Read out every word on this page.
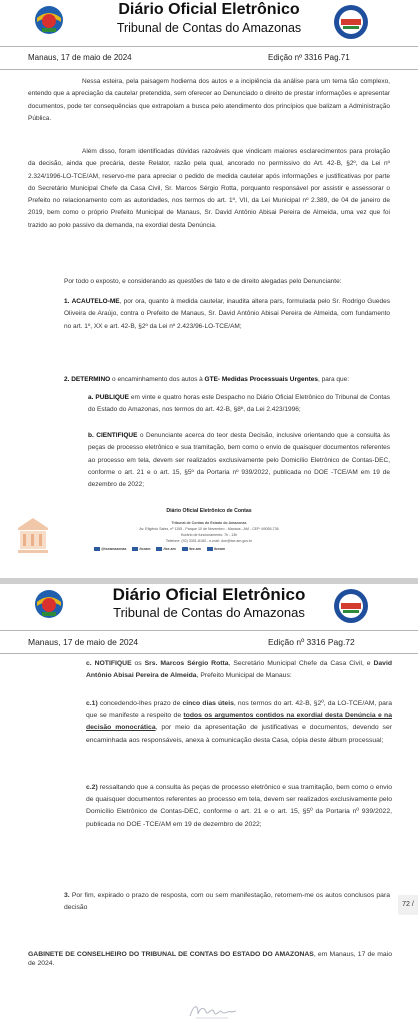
Diário Oficial Eletrônico
Tribunal de Contas do Amazonas
Manaus, 17 de maio de 2024	Edição nº 3316 Pag.71
Nessa esteira, pela paisagem hodierna dos autos e a incipiência da análise para um tema tão complexo, entendo que a apreciação da cautelar pretendida, sem oferecer ao Denunciado o direito de prestar informações e apresentar documentos, pode ter consequências que extrapolam a busca pelo atendimento dos princípios que balizam a Administração Pública.
Além disso, foram identificadas dúvidas razoáveis que vindicam maiores esclarecimentos para prolação da decisão, ainda que precária, deste Relator, razão pela qual, ancorado no permissivo do Art. 42-B, §2º, da Lei nº 2.324/1996-LO-TCE/AM, reservo-me para apreciar o pedido de medida cautelar após informações e justificativas por parte do Secretário Municipal Chefe da Casa Civil, Sr. Marcos Sérgio Rotta, porquanto responsável por assistir e assessorar o Prefeito no relacionamento com as autoridades, nos termos do art. 1º, VII, da Lei Municipal nº 2.389, de 04 de janeiro de 2019, bem como o próprio Prefeito Municipal de Manaus, Sr. David Antônio Abisai Pereira de Almeida, uma vez que foi trazido ao polo passivo da demanda, na exordial desta Denúncia.
Por todo o exposto, e considerando as questões de fato e de direito alegadas pelo Denunciante:
1. ACAUTELO-ME, por ora, quanto à medida cautelar, inaudita altera pars, formulada pelo Sr. Rodrigo Guedes Oliveira de Araújo, contra o Prefeito de Manaus, Sr. David Antônio Abisai Pereira de Almeida, com fundamento no art. 1º, XX e art. 42-B, §2º da Lei nº 2.423/96-LO-TCE/AM;
2. DETERMINO o encaminhamento dos autos à GTE- Medidas Processuais Urgentes, para que:
a. PUBLIQUE em vinte e quatro horas este Despacho no Diário Oficial Eletrônico do Tribunal de Contas do Estado do Amazonas, nos termos do art. 42-B, §8º, da Lei 2.423/1996;
b. CIENTIFIQUE o Denunciante acerca do teor desta Decisão, inclusive orientando que a consulta às peças de processo eletrônico e sua tramitação, bem como o envio de quaisquer documentos referentes ao processo em tela, devem ser realizados exclusivamente pelo Domicílio Eletrônico de Contas-DEC, conforme o art. 21 e o art. 15, §5º da Portaria nº 939/2022, publicada no DOE -TCE/AM em 19 de dezembro de 2022;
Diário Oficial Eletrônico de Contas
Tribunal de Contas do Estado do Amazonas
Av. Efigênio Sales, nº 1155 - Parque 10 de Novembro - Manaus - AM - CEP: 69055-736
Horário de funcionamento: 7h - 13h
Telefone: (92) 3301-8180 - e-mail: doe@tce.am.gov.br
@tceamazonas	/tceam	/tce-am	/tce-am	/tceam
Diário Oficial Eletrônico
Tribunal de Contas do Amazonas
Manaus, 17 de maio de 2024	Edição nº 3316 Pag.72
c. NOTIFIQUE os Srs. Marcos Sérgio Rotta, Secretário Municipal Chefe da Casa Civil, e David Antônio Abisai Pereira de Almeida, Prefeito Municipal de Manaus:
c.1) concedendo-lhes prazo de cinco dias úteis, nos termos do art. 42-B, §2º, da LO-TCE/AM, para que se manifeste a respeito de todos os argumentos contidos na exordial desta Denúncia e na decisão monocrática, por meio da apresentação de justificativas e documentos, devendo ser encaminhada aos responsáveis, anexa à comunicação desta Casa, cópia deste álbum processual;
c.2) ressaltando que a consulta às peças de processo eletrônico e sua tramitação, bem como o envio de quaisquer documentos referentes ao processo em tela, devem ser realizados exclusivamente pelo Domicílio Eletrônico de Contas-DEC, conforme o art. 21 e o art. 15, §5º da Portaria nº 939/2022, publicada no DOE -TCE/AM em 19 de dezembro de 2022;
3. Por fim, expirado o prazo de resposta, com ou sem manifestação, retornem-me os autos conclusos para decisão
GABINETE DE CONSELHEIRO DO TRIBUNAL DE CONTAS DO ESTADO DO AMAZONAS, em Manaus, 17 de maio de 2024.
72 /
